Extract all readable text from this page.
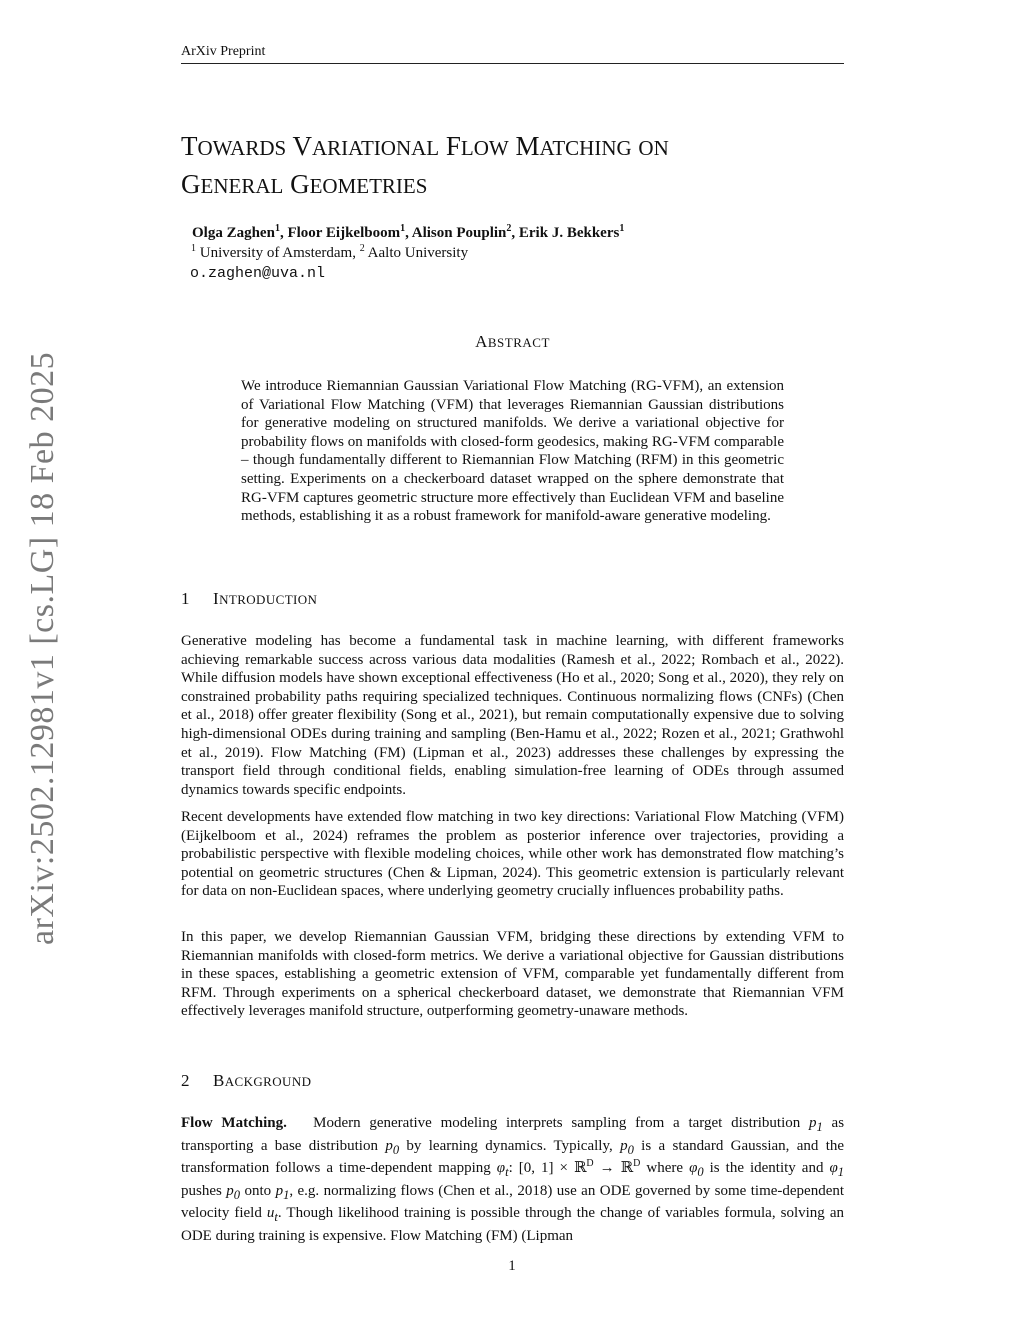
ArXiv Preprint
arXiv:2502.12981v1 [cs.LG] 18 Feb 2025
TOWARDS VARIATIONAL FLOW MATCHING ON
GENERAL GEOMETRIES
Olga Zaghen$^1$, Floor Eijkelboom$^1$, Alison Pouplin$^2$, Erik J. Bekkers$^1$
$^1$ University of Amsterdam, $^2$ Aalto University
o.zaghen@uva.nl
ABSTRACT

We introduce Riemannian Gaussian Variational Flow Matching (RG-VFM), an extension of Variational Flow Matching (VFM) that leverages Riemannian Gaussian distributions for generative modeling on structured manifolds. We derive a variational objective for probability flows on manifolds with closed-form geodesics, making RG-VFM comparable – though fundamentally different to Riemannian Flow Matching (RFM) in this geometric setting. Experiments on a checkerboard dataset wrapped on the sphere demonstrate that RG-VFM captures geometric structure more effectively than Euclidean VFM and baseline methods, establishing it as a robust framework for manifold-aware generative modeling.

1 INTRODUCTION

Generative modeling has become a fundamental task in machine learning, with different frameworks achieving remarkable success across various data modalities (Ramesh et al., 2022; Rombach et al., 2022). While diffusion models have shown exceptional effectiveness (Ho et al., 2020; Song et al., 2020), they rely on constrained probability paths requiring specialized techniques. Continuous normalizing flows (CNFs) (Chen et al., 2018) offer greater flexibility (Song et al., 2021), but remain computationally expensive due to solving high-dimensional ODEs during training and sampling (Ben-Hamu et al., 2022; Rozen et al., 2021; Grathwohl et al., 2019). Flow Matching (FM) (Lipman et al., 2023) addresses these challenges by expressing the transport field through conditional fields, enabling simulation-free learning of ODEs through assumed dynamics towards specific endpoints.

Recent developments have extended flow matching in two key directions: Variational Flow Matching (VFM) (Eijkelboom et al., 2024) reframes the problem as posterior inference over trajectories, providing a probabilistic perspective with flexible modeling choices, while other work has demonstrated flow matching’s potential on geometric structures (Chen & Lipman, 2024). This geometric extension is particularly relevant for data on non-Euclidean spaces, where underlying geometry crucially influences probability paths.

In this paper, we develop Riemannian Gaussian VFM, bridging these directions by extending VFM to Riemannian manifolds with closed-form metrics. We derive a variational objective for Gaussian distributions in these spaces, establishing a geometric extension of VFM, comparable yet fundamentally different from RFM. Through experiments on a spherical checkerboard dataset, we demonstrate that Riemannian VFM effectively leverages manifold structure, outperforming geometry-unaware methods.

2 BACKGROUND

Flow Matching. Modern generative modeling interprets sampling from a target distribution $p_1$ as transporting a base distribution $p_0$ by learning dynamics. Typically, $p_0$ is a standard Gaussian, and the transformation follows a time-dependent mapping $\varphi_t$: [0, 1] × ℝ$^D$ → ℝ$^D$ where $\varphi_0$ is the identity and $\varphi_1$ pushes $p_0$ onto $p_1$, e.g. normalizing flows (Chen et al., 2018) use an ODE governed by some time-dependent velocity field $u_t$. Though likelihood training is possible through the change of variables formula, solving an ODE during training is expensive. Flow Matching (FM) (Lipman

1
